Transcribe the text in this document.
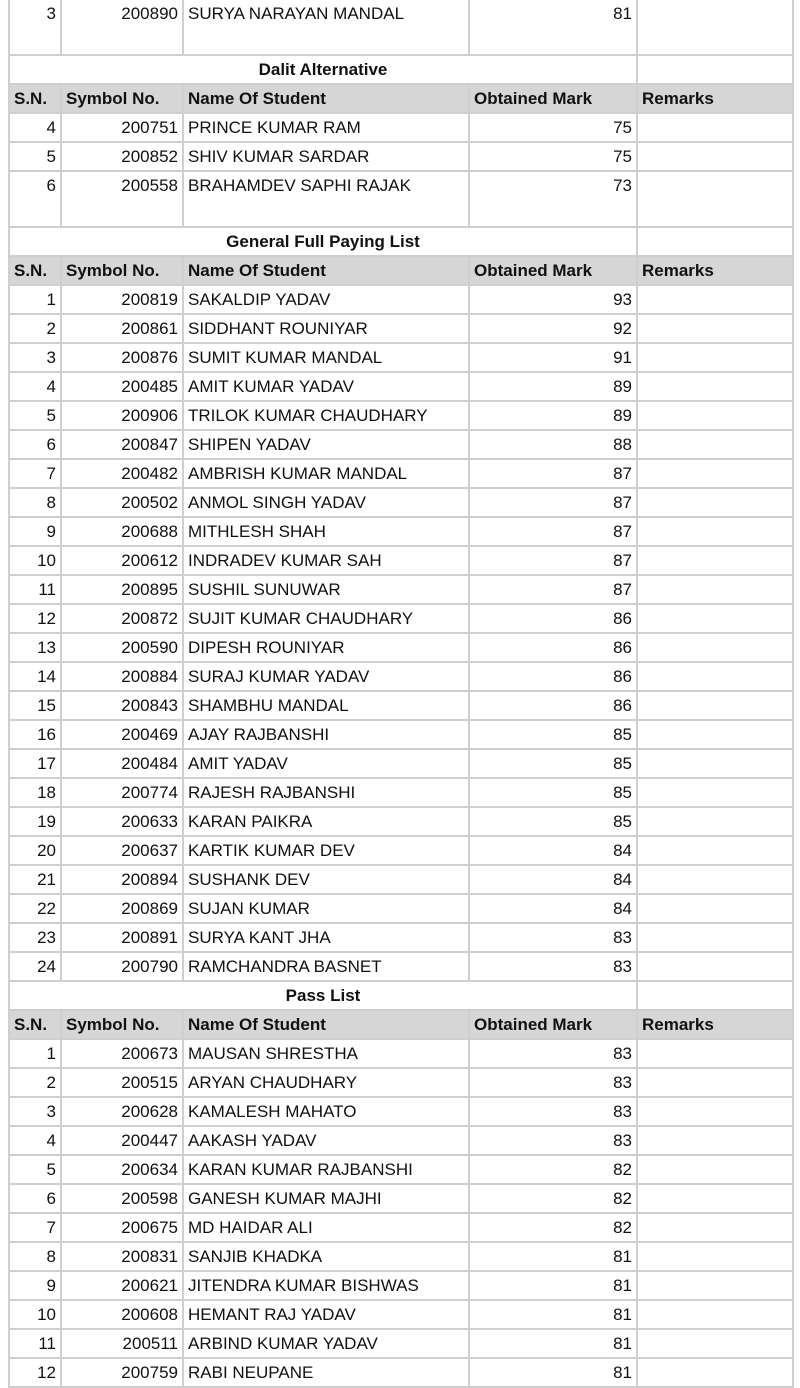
3	200890	SURYA NARAYAN MANDAL	81	
Dalit Alternative				
S.N.	Symbol No.	Name Of Student	Obtained Mark	Remarks
4	200751	PRINCE KUMAR RAM	75	
5	200852	SHIV KUMAR SARDAR	75	
6	200558	BRAHAMDEV SAPHI RAJAK	73	
General Full Paying List				
S.N.	Symbol No.	Name Of Student	Obtained Mark	Remarks
1	200819	SAKALDIP YADAV	93	
2	200861	SIDDHANT ROUNIYAR	92	
3	200876	SUMIT KUMAR MANDAL	91	
4	200485	AMIT KUMAR YADAV	89	
5	200906	TRILOK KUMAR CHAUDHARY	89	
6	200847	SHIPEN YADAV	88	
7	200482	AMBRISH KUMAR MANDAL	87	
8	200502	ANMOL SINGH YADAV	87	
9	200688	MITHLESH SHAH	87	
10	200612	INDRADEV KUMAR SAH	87	
11	200895	SUSHIL SUNUWAR	87	
12	200872	SUJIT KUMAR CHAUDHARY	86	
13	200590	DIPESH ROUNIYAR	86	
14	200884	SURAJ KUMAR YADAV	86	
15	200843	SHAMBHU MANDAL	86	
16	200469	AJAY RAJBANSHI	85	
17	200484	AMIT YADAV	85	
18	200774	RAJESH RAJBANSHI	85	
19	200633	KARAN PAIKRA	85	
20	200637	KARTIK KUMAR DEV	84	
21	200894	SUSHANK DEV	84	
22	200869	SUJAN KUMAR	84	
23	200891	SURYA KANT JHA	83	
24	200790	RAMCHANDRA BASNET	83	
Pass List				
S.N.	Symbol No.	Name Of Student	Obtained Mark	Remarks
1	200673	MAUSAN SHRESTHA	83	
2	200515	ARYAN CHAUDHARY	83	
3	200628	KAMALESH MAHATO	83	
4	200447	AAKASH YADAV	83	
5	200634	KARAN KUMAR RAJBANSHI	82	
6	200598	GANESH KUMAR MAJHI	82	
7	200675	MD HAIDAR ALI	82	
8	200831	SANJIB KHADKA	81	
9	200621	JITENDRA KUMAR BISHWAS	81	
10	200608	HEMANT RAJ YADAV	81	
11	200511	ARBIND KUMAR YADAV	81	
12	200759	RABI NEUPANE	81	
